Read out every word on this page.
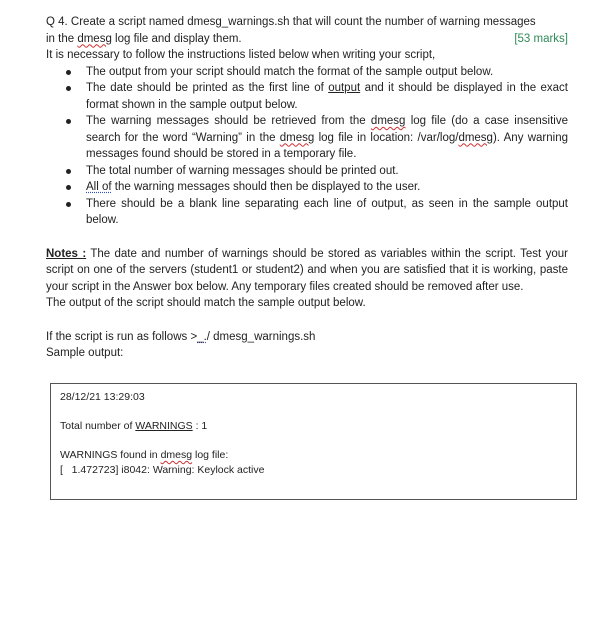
Q 4. Create a script named dmesg_warnings.sh that will count the number of warning messages
in the dmesg log file and display them.	[53 marks]
It is necessary to follow the instructions listed below when writing your script,
The output from your script should match the format of the sample output below.
The date should be printed as the first line of output and it should be displayed in the exact format shown in the sample output below.
The warning messages should be retrieved from the dmesg log file (do a case insensitive search for the word “Warning” in the dmesg log file in location: /var/log/dmesg). Any warning messages found should be stored in a temporary file.
The total number of warning messages should be printed out.
All of the warning messages should then be displayed to the user.
There should be a blank line separating each line of output, as seen in the sample output below.
Notes : The date and number of warnings should be stored as variables within the script. Test your script on one of the servers (student1 or student2) and when you are satisfied that it is working, paste your script in the Answer box below. Any temporary files created should be removed after use.
The output of the script should match the sample output below.
If the script is run as follows >_./ dmesg_warnings.sh
Sample output:
28/12/21 13:29:03
Total number of WARNINGS : 1
WARNINGS found in dmesg log file:
[   1.472723] i8042: Warning: Keylock active
